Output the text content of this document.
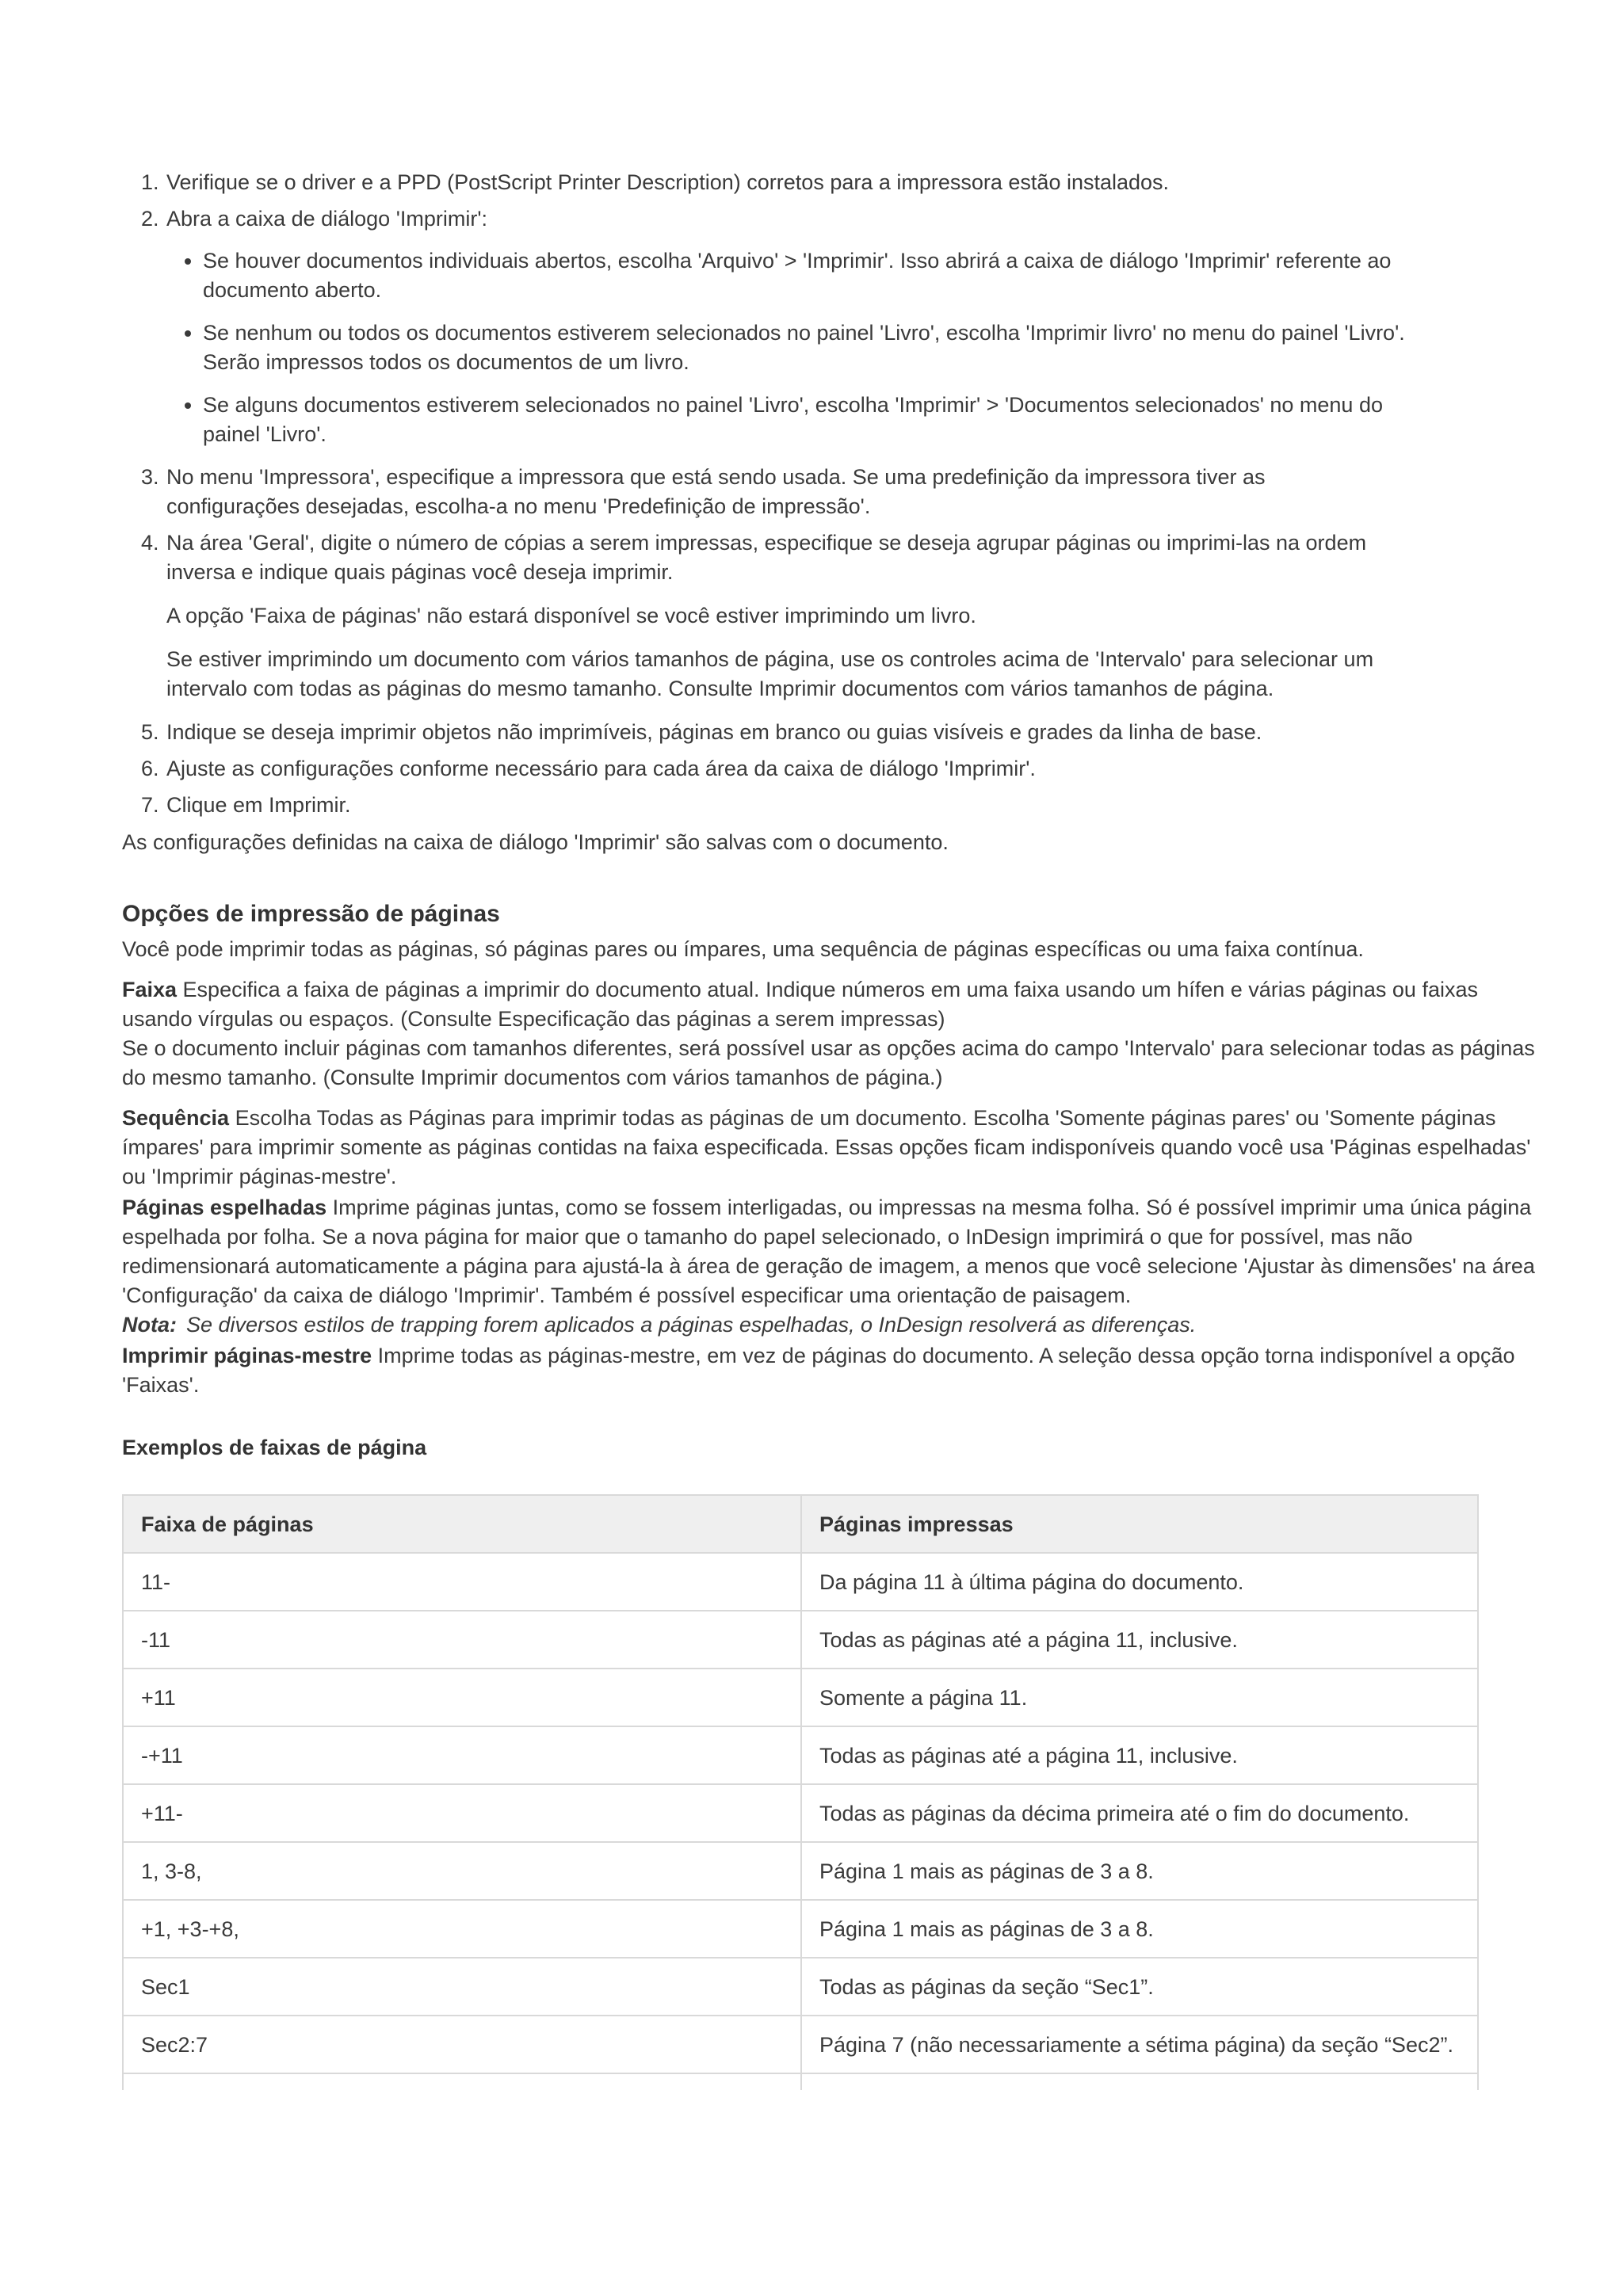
1. Verifique se o driver e a PPD (PostScript Printer Description) corretos para a impressora estão instalados.
2. Abra a caixa de diálogo 'Imprimir':
• Se houver documentos individuais abertos, escolha 'Arquivo' > 'Imprimir'. Isso abrirá a caixa de diálogo 'Imprimir' referente ao documento aberto.
• Se nenhum ou todos os documentos estiverem selecionados no painel 'Livro', escolha 'Imprimir livro' no menu do painel 'Livro'. Serão impressos todos os documentos de um livro.
• Se alguns documentos estiverem selecionados no painel 'Livro', escolha 'Imprimir' > 'Documentos selecionados' no menu do painel 'Livro'.
3. No menu 'Impressora', especifique a impressora que está sendo usada. Se uma predefinição da impressora tiver as configurações desejadas, escolha-a no menu 'Predefinição de impressão'.
4. Na área 'Geral', digite o número de cópias a serem impressas, especifique se deseja agrupar páginas ou imprimi-las na ordem inversa e indique quais páginas você deseja imprimir.

A opção 'Faixa de páginas' não estará disponível se você estiver imprimindo um livro.

Se estiver imprimindo um documento com vários tamanhos de página, use os controles acima de 'Intervalo' para selecionar um intervalo com todas as páginas do mesmo tamanho. Consulte Imprimir documentos com vários tamanhos de página.

5. Indique se deseja imprimir objetos não imprimíveis, páginas em branco ou guias visíveis e grades da linha de base.
6. Ajuste as configurações conforme necessário para cada área da caixa de diálogo 'Imprimir'.
7. Clique em Imprimir.

As configurações definidas na caixa de diálogo 'Imprimir' são salvas com o documento.

Opções de impressão de páginas

Você pode imprimir todas as páginas, só páginas pares ou ímpares, uma sequência de páginas específicas ou uma faixa contínua.

Faixa Especifica a faixa de páginas a imprimir do documento atual. Indique números em uma faixa usando um hífen e várias páginas ou faixas usando vírgulas ou espaços. (Consulte Especificação das páginas a serem impressas)

Se o documento incluir páginas com tamanhos diferentes, será possível usar as opções acima do campo 'Intervalo' para selecionar todas as páginas do mesmo tamanho. (Consulte Imprimir documentos com vários tamanhos de página.)

Sequência Escolha Todas as Páginas para imprimir todas as páginas de um documento. Escolha 'Somente páginas pares' ou 'Somente páginas ímpares' para imprimir somente as páginas contidas na faixa especificada. Essas opções ficam indisponíveis quando você usa 'Páginas espelhadas' ou 'Imprimir páginas-mestre'.

Páginas espelhadas Imprime páginas juntas, como se fossem interligadas, ou impressas na mesma folha. Só é possível imprimir uma única página espelhada por folha. Se a nova página for maior que o tamanho do papel selecionado, o InDesign imprimirá o que for possível, mas não redimensionará automaticamente a página para ajustá-la à área de geração de imagem, a menos que você selecione 'Ajustar às dimensões' na área 'Configuração' da caixa de diálogo 'Imprimir'. Também é possível especificar uma orientação de paisagem.

Nota: Se diversos estilos de trapping forem aplicados a páginas espelhadas, o InDesign resolverá as diferenças.

Imprimir páginas-mestre Imprime todas as páginas-mestre, em vez de páginas do documento. A seleção dessa opção torna indisponível a opção 'Faixas'.

Exemplos de faixas de página
Faixa de páginas	Páginas impressas
11-	Da página 11 à última página do documento.
-11	Todas as páginas até a página 11, inclusive.
+11	Somente a página 11.
-+11	Todas as páginas até a página 11, inclusive.
+11-	Todas as páginas da décima primeira até o fim do documento.
1, 3-8,	Página 1 mais as páginas de 3 a 8.
+1, +3-+8,	Página 1 mais as páginas de 3 a 8.
Sec1	Todas as páginas da seção “Sec1”.
Sec2:7	Página 7 (não necessariamente a sétima página) da seção “Sec2”.
